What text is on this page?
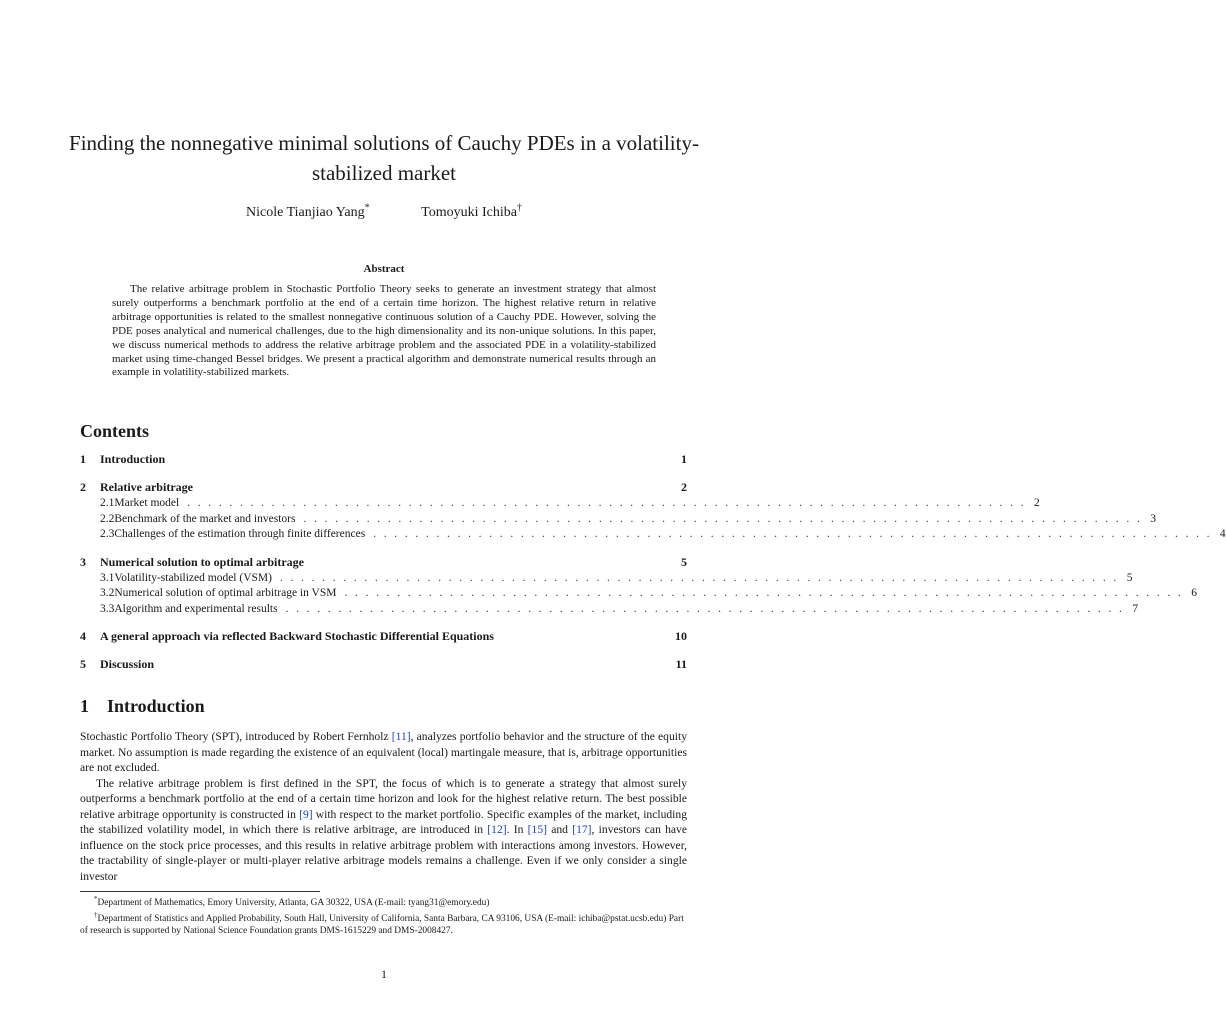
Finding the nonnegative minimal solutions of Cauchy PDEs in a volatility-stabilized market
Nicole Tianjiao Yang*	Tomoyuki Ichiba†
Abstract
The relative arbitrage problem in Stochastic Portfolio Theory seeks to generate an investment strategy that almost surely outperforms a benchmark portfolio at the end of a certain time horizon. The highest relative return in relative arbitrage opportunities is related to the smallest nonnegative continuous solution of a Cauchy PDE. However, solving the PDE poses analytical and numerical challenges, due to the high dimensionality and its non-unique solutions. In this paper, we discuss numerical methods to address the relative arbitrage problem and the associated PDE in a volatility-stabilized market using time-changed Bessel bridges. We present a practical algorithm and demonstrate numerical results through an example in volatility-stabilized markets.
Contents
1	Introduction	1
2	Relative arbitrage	2
2.1 Market model . . . . . . . . . . . . . . . . . . . . . . . . . . . . . . . . . . . . . . . . . . . . . . . . . . . . . . . . . . . . . . . . . . . . . . . . . . . . . . . . 2
2.2 Benchmark of the market and investors . . . . . . . . . . . . . . . . . . . . . . . . . . . . . . . . . . . . . . . . . . . . . . . . . . . . . . . . . . . . . . . . . . . . . . . . . . . . . . . . 3
2.3 Challenges of the estimation through finite differences . . . . . . . . . . . . . . . . . . . . . . . . . . . . . . . . . . . . . . . . . . . . . . . . . . . . . . . . . . . . . . . . . . . . . . . . . . . . . . . . 4
3	Numerical solution to optimal arbitrage	5
3.1 Volatility-stabilized model (VSM) . . . . . . . . . . . . . . . . . . . . . . . . . . . . . . . . . . . . . . . . . . . . . . . . . . . . . . . . . . . . . . . . . . . . . . . . . . . . . . . . 5
3.2 Numerical solution of optimal arbitrage in VSM . . . . . . . . . . . . . . . . . . . . . . . . . . . . . . . . . . . . . . . . . . . . . . . . . . . . . . . . . . . . . . . . . . . . . . . . . . . . . . . . 6
3.3 Algorithm and experimental results . . . . . . . . . . . . . . . . . . . . . . . . . . . . . . . . . . . . . . . . . . . . . . . . . . . . . . . . . . . . . . . . . . . . . . . . . . . . . . . . 7
4	A general approach via reflected Backward Stochastic Differential Equations	10
5	Discussion	11
1 Introduction

Stochastic Portfolio Theory (SPT), introduced by Robert Fernholz [11], analyzes portfolio behavior and the structure of the equity market. No assumption is made regarding the existence of an equivalent (local) martingale measure, that is, arbitrage opportunities are not excluded.

The relative arbitrage problem is first defined in the SPT, the focus of which is to generate a strategy that almost surely outperforms a benchmark portfolio at the end of a certain time horizon and look for the highest relative return. The best possible relative arbitrage opportunity is constructed in [9] with respect to the market portfolio. Specific examples of the market, including the stabilized volatility model, in which there is relative arbitrage, are introduced in [12]. In [15] and [17], investors can have influence on the stock price processes, and this results in relative arbitrage problem with interactions among investors. However, the tractability of single-player or multi-player relative arbitrage models remains a challenge. Even if we only consider a single investor

*Department of Mathematics, Emory University, Atlanta, GA 30322, USA (E-mail: tyang31@emory.edu)

†Department of Statistics and Applied Probability, South Hall, University of California, Santa Barbara, CA 93106, USA (E-mail: ichiba@pstat.ucsb.edu) Part of research is supported by National Science Foundation grants DMS-1615229 and DMS-2008427.

1
